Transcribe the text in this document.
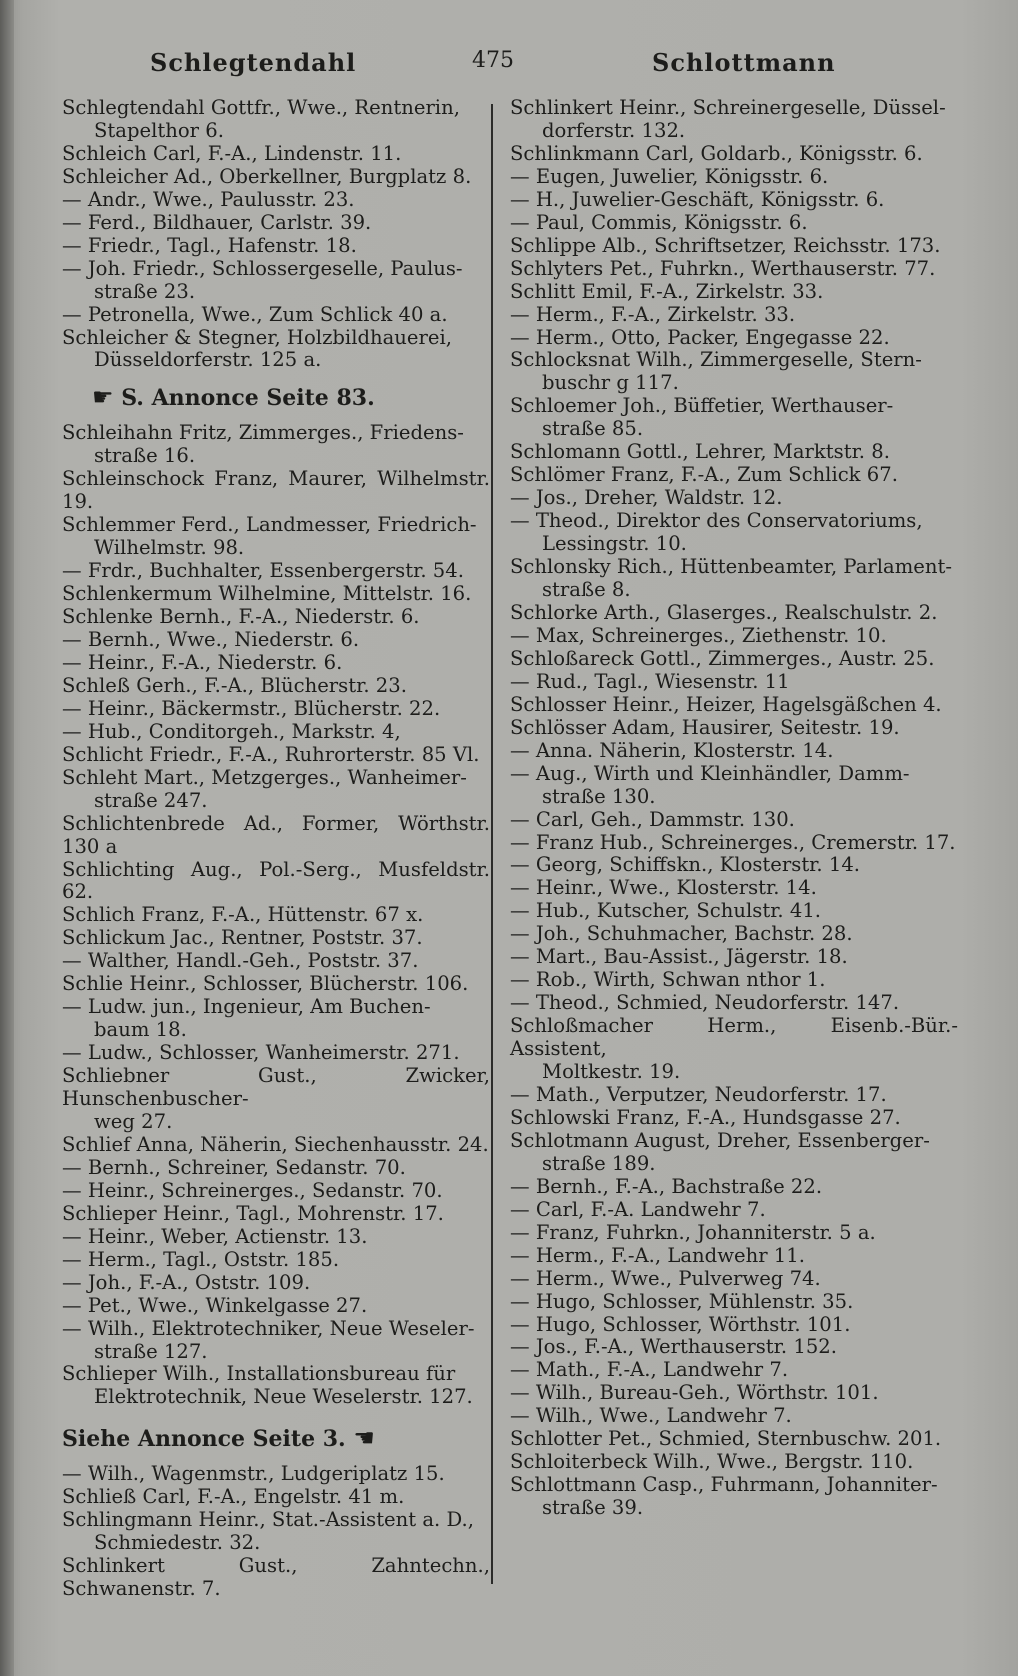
Schlegtendahl	475	Schlottmann
Schlegtendahl Gottfr., Wwe., Rentnerin,
Stapelthor 6.
Schleich Carl, F.-A., Lindenstr. 11.
Schleicher Ad., Oberkellner, Burgplatz 8.
— Andr., Wwe., Paulusstr. 23.
— Ferd., Bildhauer, Carlstr. 39.
— Friedr., Tagl., Hafenstr. 18.
— Joh. Friedr., Schlossergeselle, Paulus-
straße 23.
— Petronella, Wwe., Zum Schlick 40 a.
Schleicher & Stegner, Holzbildhauerei,
Düsseldorferstr. 125 a.
☛ S. Annonce Seite 83.
Schleihahn Fritz, Zimmerges., Friedens-
straße 16.
Schleinschock Franz, Maurer, Wilhelmstr. 19.
Schlemmer Ferd., Landmesser, Friedrich-
Wilhelmstr. 98.
— Frdr., Buchhalter, Essenbergerstr. 54.
Schlenkermum Wilhelmine, Mittelstr. 16.
Schlenke Bernh., F.-A., Niederstr. 6.
— Bernh., Wwe., Niederstr. 6.
— Heinr., F.-A., Niederstr. 6.
Schleß Gerh., F.-A., Blücherstr. 23.
— Heinr., Bäckermstr., Blücherstr. 22.
— Hub., Conditorgeh., Markstr. 4,
Schlicht Friedr., F.-A., Ruhrorterstr. 85 Vl.
Schleht Mart., Metzgerges., Wanheimer-
straße 247.
Schlichtenbrede Ad., Former, Wörthstr. 130 a
Schlichting Aug., Pol.-Serg., Musfeldstr. 62.
Schlich Franz, F.-A., Hüttenstr. 67 x.
Schlickum Jac., Rentner, Poststr. 37.
— Walther, Handl.-Geh., Poststr. 37.
Schlie Heinr., Schlosser, Blücherstr. 106.
— Ludw. jun., Ingenieur, Am Buchen-
baum 18.
— Ludw., Schlosser, Wanheimerstr. 271.
Schliebner Gust., Zwicker, Hunschenbuscher-
weg 27.
Schlief Anna, Näherin, Siechenhausstr. 24.
— Bernh., Schreiner, Sedanstr. 70.
— Heinr., Schreinerges., Sedanstr. 70.
Schlieper Heinr., Tagl., Mohrenstr. 17.
— Heinr., Weber, Actienstr. 13.
— Herm., Tagl., Oststr. 185.
— Joh., F.-A., Oststr. 109.
— Pet., Wwe., Winkelgasse 27.
— Wilh., Elektrotechniker, Neue Weseler-
straße 127.
Schlieper Wilh., Installationsbureau für
Elektrotechnik, Neue Weselerstr. 127.
Siehe Annonce Seite 3. ☚
— Wilh., Wagenmstr., Ludgeriplatz 15.
Schließ Carl, F.-A., Engelstr. 41 m.
Schlingmann Heinr., Stat.-Assistent a. D.,
Schmiedestr. 32.
Schlinkert Gust., Zahntechn., Schwanenstr. 7.
Schlinkert Heinr., Schreinergeselle, Düssel-
dorferstr. 132.
Schlinkmann Carl, Goldarb., Königsstr. 6.
— Eugen, Juwelier, Königsstr. 6.
— H., Juwelier-Geschäft, Königsstr. 6.
— Paul, Commis, Königsstr. 6.
Schlippe Alb., Schriftsetzer, Reichsstr. 173.
Schlyters Pet., Fuhrkn., Werthauserstr. 77.
Schlitt Emil, F.-A., Zirkelstr. 33.
— Herm., F.-A., Zirkelstr. 33.
— Herm., Otto, Packer, Engegasse 22.
Schlocksnat Wilh., Zimmergeselle, Stern-
buschr g 117.
Schloemer Joh., Büffetier, Werthauser-
straße 85.
Schlomann Gottl., Lehrer, Marktstr. 8.
Schlömer Franz, F.-A., Zum Schlick 67.
— Jos., Dreher, Waldstr. 12.
— Theod., Direktor des Conservatoriums,
Lessingstr. 10.
Schlonsky Rich., Hüttenbeamter, Parlament-
straße 8.
Schlorke Arth., Glaserges., Realschulstr. 2.
— Max, Schreinerges., Ziethenstr. 10.
Schloßareck Gottl., Zimmerges., Austr. 25.
— Rud., Tagl., Wiesenstr. 11
Schlosser Heinr., Heizer, Hagelsgäßchen 4.
Schlösser Adam, Hausirer, Seitestr. 19.
— Anna. Näherin, Klosterstr. 14.
— Aug., Wirth und Kleinhändler, Damm-
straße 130.
— Carl, Geh., Dammstr. 130.
— Franz Hub., Schreinerges., Cremerstr. 17.
— Georg, Schiffskn., Klosterstr. 14.
— Heinr., Wwe., Klosterstr. 14.
— Hub., Kutscher, Schulstr. 41.
— Joh., Schuhmacher, Bachstr. 28.
— Mart., Bau-Assist., Jägerstr. 18.
— Rob., Wirth, Schwan nthor 1.
— Theod., Schmied, Neudorferstr. 147.
Schloßmacher Herm., Eisenb.-Bür.-Assistent,
Moltkestr. 19.
— Math., Verputzer, Neudorferstr. 17.
Schlowski Franz, F.-A., Hundsgasse 27.
Schlotmann August, Dreher, Essenberger-
straße 189.
— Bernh., F.-A., Bachstraße 22.
— Carl, F.-A. Landwehr 7.
— Franz, Fuhrkn., Johanniterstr. 5 a.
— Herm., F.-A., Landwehr 11.
— Herm., Wwe., Pulverweg 74.
— Hugo, Schlosser, Mühlenstr. 35.
— Hugo, Schlosser, Wörthstr. 101.
— Jos., F.-A., Werthauserstr. 152.
— Math., F.-A., Landwehr 7.
— Wilh., Bureau-Geh., Wörthstr. 101.
— Wilh., Wwe., Landwehr 7.
Schlotter Pet., Schmied, Sternbuschw. 201.
Schloiterbeck Wilh., Wwe., Bergstr. 110.
Schlottmann Casp., Fuhrmann, Johanniter-
straße 39.
